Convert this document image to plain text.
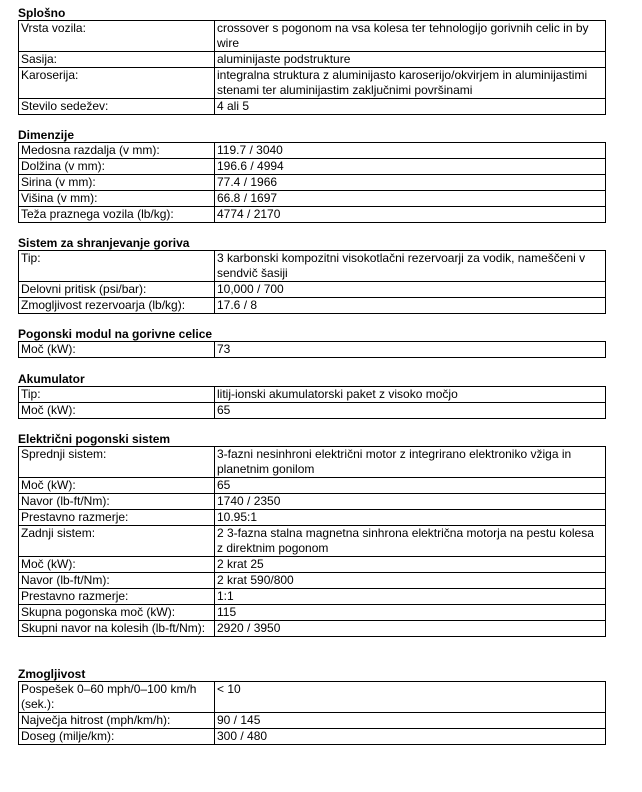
Splošno
Vrsta vozila:	crossover s pogonom na vsa kolesa ter tehnologijo gorivnih celic in by wire
Sasija:	aluminijaste podstrukture
Karoserija:	integralna struktura z aluminijasto karoserijo/okvirjem in aluminijastimi stenami ter aluminijastim zaključnimi površinami
Stevilo sedežev:	4 ali 5
Dimenzije
Medosna razdalja (v mm):	119.7 / 3040
Dolžina (v mm):	196.6 / 4994
Sirina (v mm):	77.4 / 1966
Višina (v mm):	66.8 / 1697
Teža praznega vozila (lb/kg):	4774 / 2170
Sistem za shranjevanje goriva
Tip:	3 karbonski kompozitni visokotlačni rezervoarji za vodik, nameščeni v sendvič šasiji
Delovni pritisk (psi/bar):	10,000 / 700
Zmogljivost rezervoarja (lb/kg):	17.6 / 8
Pogonski modul na gorivne celice
Moč (kW):	73
Akumulator
Tip:	litij-ionski akumulatorski paket z visoko močjo
Moč (kW):	65
Električni pogonski sistem
Sprednji sistem:	3-fazni nesinhroni električni motor z integrirano elektroniko vžiga in planetnim gonilom
Moč (kW):	65
Navor (lb-ft/Nm):	1740 / 2350
Prestavno razmerje:	10.95:1
Zadnji sistem:	2 3-fazna stalna magnetna sinhrona električna motorja na pestu kolesa z direktnim pogonom
Moč (kW):	2 krat 25
Navor (lb-ft/Nm):	2 krat 590/800
Prestavno razmerje:	1:1
Skupna pogonska moč (kW):	115
Skupni navor na kolesih (lb-ft/Nm):	2920 / 3950
Zmogljivost
Pospešek 0–60 mph/0–100 km/h (sek.):	< 10
Največja hitrost (mph/km/h):	90 / 145
Doseg (milje/km):	300 / 480
